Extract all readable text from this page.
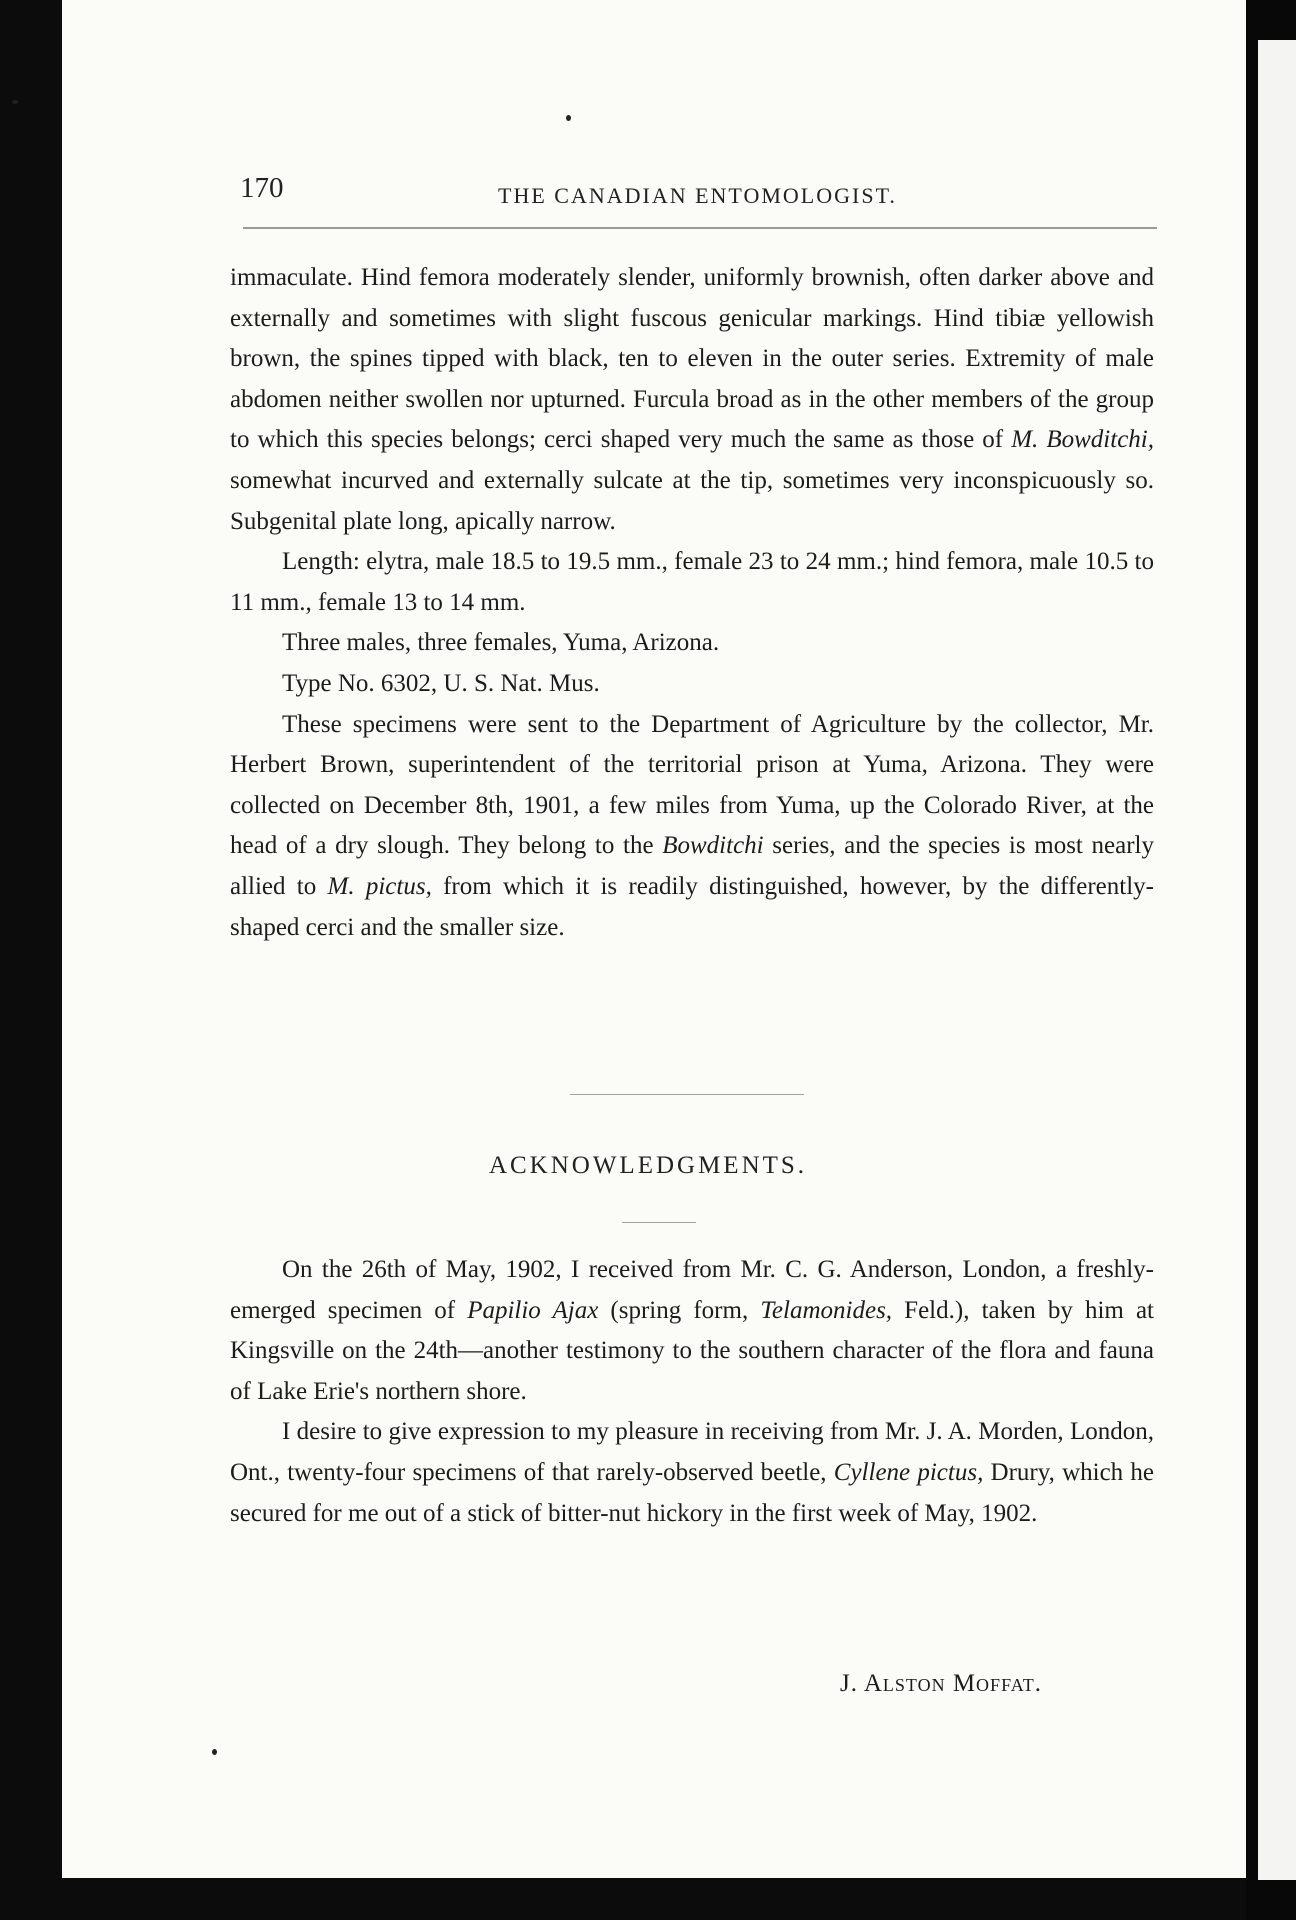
170	THE CANADIAN ENTOMOLOGIST.

immaculate. Hind femora moderately slender, uniformly brownish, often darker above and externally and sometimes with slight fuscous genicular markings. Hind tibiæ yellowish brown, the spines tipped with black, ten to eleven in the outer series. Extremity of male abdomen neither swollen nor upturned. Furcula broad as in the other members of the group to which this species belongs; cerci shaped very much the same as those of M. Bowditchi, somewhat incurved and externally sulcate at the tip, sometimes very inconspicuously so. Subgenital plate long, apically narrow.

Length: elytra, male 18.5 to 19.5 mm., female 23 to 24 mm.; hind femora, male 10.5 to 11 mm., female 13 to 14 mm.

Three males, three females, Yuma, Arizona.

Type No. 6302, U. S. Nat. Mus.

These specimens were sent to the Department of Agriculture by the collector, Mr. Herbert Brown, superintendent of the territorial prison at Yuma, Arizona. They were collected on December 8th, 1901, a few miles from Yuma, up the Colorado River, at the head of a dry slough. They belong to the Bowditchi series, and the species is most nearly allied to M. pictus, from which it is readily distinguished, however, by the differently-shaped cerci and the smaller size.

ACKNOWLEDGMENTS.

On the 26th of May, 1902, I received from Mr. C. G. Anderson, London, a freshly-emerged specimen of Papilio Ajax (spring form, Telamonides, Feld.), taken by him at Kingsville on the 24th—another testimony to the southern character of the flora and fauna of Lake Erie's northern shore.

I desire to give expression to my pleasure in receiving from Mr. J. A. Morden, London, Ont., twenty-four specimens of that rarely-observed beetle, Cyllene pictus, Drury, which he secured for me out of a stick of bitter-nut hickory in the first week of May, 1902.

J. Alston Moffat.
